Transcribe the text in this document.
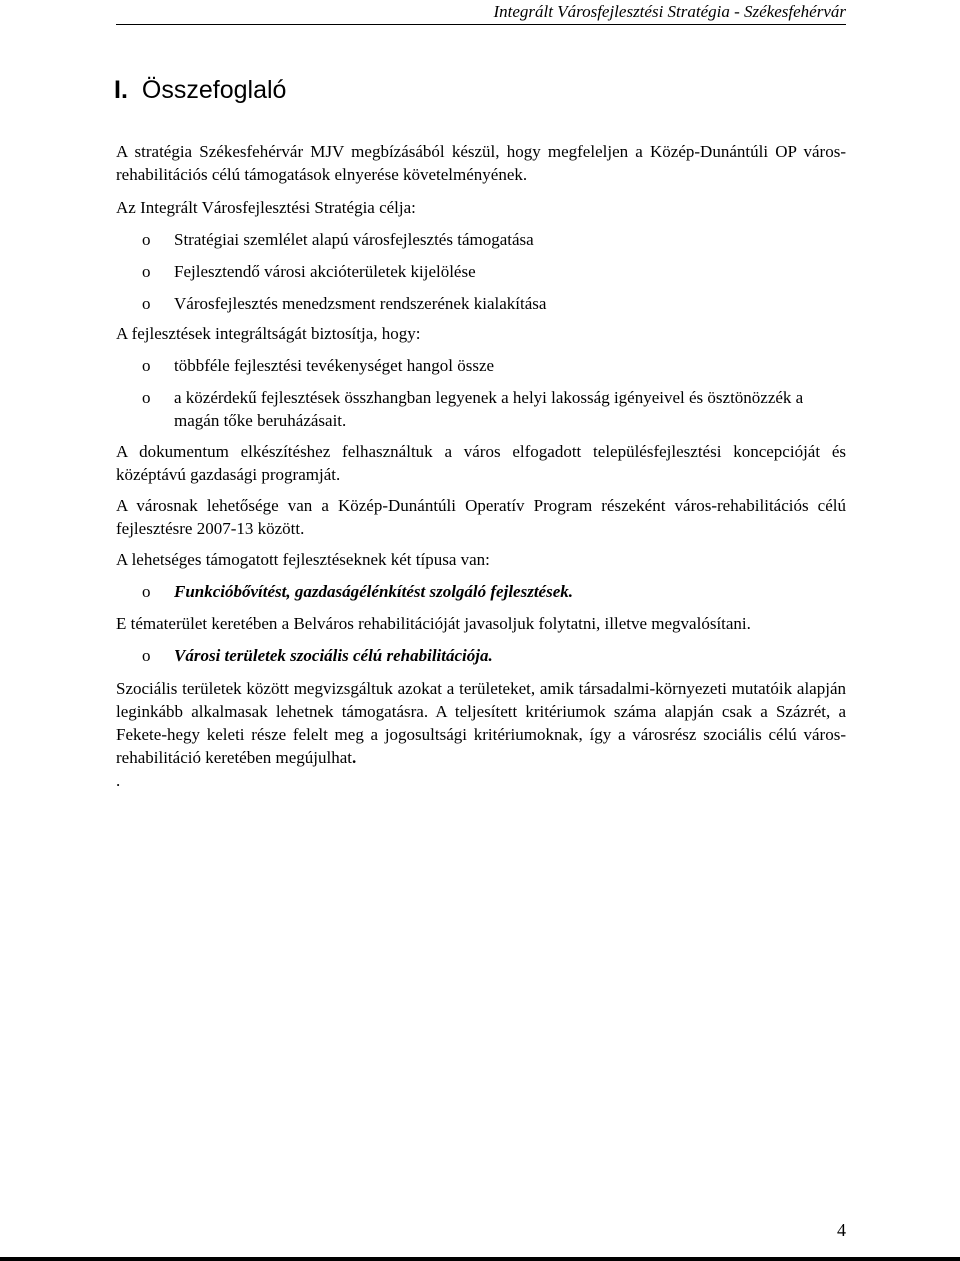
Integrált Városfejlesztési Stratégia - Székesfehérvár
I. Összefoglaló

A stratégia Székesfehérvár MJV megbízásából készül, hogy megfeleljen a Közép-Dunántúli OP város-rehabilitációs célú támogatások elnyerése követelményének.

Az Integrált Városfejlesztési Stratégia célja:

o	Stratégiai szemlélet alapú városfejlesztés támogatása
o	Fejlesztendő városi akcióterületek kijelölése
o	Városfejlesztés menedzsment rendszerének kialakítása

A fejlesztések integráltságát biztosítja, hogy:

o	többféle fejlesztési tevékenységet hangol össze
o	a közérdekű fejlesztések összhangban legyenek a helyi lakosság igényeivel és ösztönözzék a magán tőke beruházásait.

A dokumentum elkészítéshez felhasználtuk a város elfogadott településfejlesztési koncepcióját és középtávú gazdasági programját.

A városnak lehetősége van a Közép-Dunántúli Operatív Program részeként város-rehabilitációs célú fejlesztésre 2007-13 között.

A lehetséges támogatott fejlesztéseknek két típusa van:

o	Funkcióbővítést, gazdaságélénkítést szolgáló fejlesztések.

E tématerület keretében a Belváros rehabilitációját javasoljuk folytatni, illetve megvalósítani.

o	Városi területek szociális célú rehabilitációja.

Szociális területek között megvizsgáltuk azokat a területeket, amik társadalmi-környezeti mutatóik alapján leginkább alkalmasak lehetnek támogatásra. A teljesített kritériumok száma alapján csak a Százrét, a Fekete-hegy keleti része felelt meg a jogosultsági kritériumoknak, így a városrész szociális célú város-rehabilitáció keretében megújulhat.

.

4
